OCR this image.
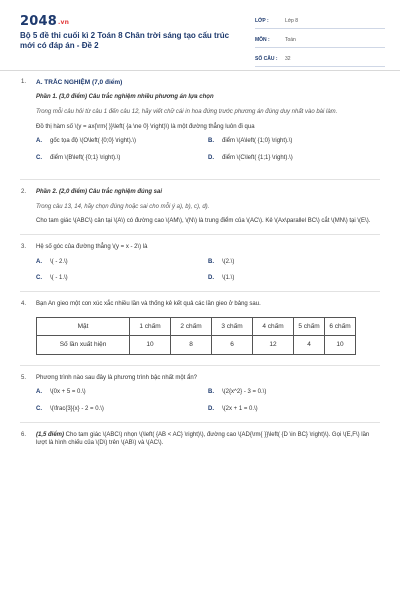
2048.vn
Bộ 5 đề thi cuối kì 2 Toán 8 Chân trời sáng tạo cấu trúc mới có đáp án - Đề 2
LỚP :	Lớp 8
MÔN :	Toán
SỐ CÂU :	32
1. A. TRẮC NGHIỆM (7,0 điểm)
Phần 1. (3,0 điểm) Câu trắc nghiệm nhiều phương án lựa chọn
Trong mỗi câu hỏi từ câu 1 đến câu 12, hãy viết chữ cái in hoa đứng trước phương án đúng duy nhất vào bài làm.
Đồ thị hàm số \(y = ax{\rm{ }}\left( {a \ne 0} \right)\) là một đường thẳng luôn đi qua
A. gốc tọa độ \(O\left( {0;0} \right).\)	B. điểm \(A\left( {1;0} \right).\)
C. điểm \(B\left( {0;1} \right).\)	D. điểm \(C\left( {1;1} \right).\)
2. Phần 2. (2,0 điểm) Câu trắc nghiệm đúng sai
Trong câu 13, 14, hãy chọn đúng hoặc sai cho mỗi ý a), b), c), d).
Cho tam giác \(ABC\) cân tại \(A\) có đường cao \(AM\), \(N\) là trung điểm của \(AC\). Kẻ \(Ax\parallel BC\) cắt \(MN\) tại \(E\).
3. Hệ số góc của đường thẳng \(y = x - 2\) là
A. \( - 2.\)	B. \(2.\)
C. \( - 1.\)	D. \(1.\)
4. Bạn An gieo một con xúc xắc nhiều lần và thống kê kết quả các lần gieo ở bảng sau.
Mặt	1 chấm	2 chấm	3 chấm	4 chấm	5 chấm	6 chấm
Số lần xuất hiện	10	8	6	12	4	10
5. Phương trình nào sau đây là phương trình bậc nhất một ẩn?
A. \(0x + 5 = 0.\)	B. \(2{x^2} - 3 = 0.\)
C. \(\frac{3}{x} - 2 = 0.\)	D. \(2x + 1 = 0.\)
6. (1,5 điểm) Cho tam giác \(ABC\) nhọn \(\left( {AB < AC} \right)\), đường cao \(AD{\rm{ }}\left( {D \in BC} \right)\). Gọi \(E,F\) lần lượt là hình chiếu của \(D\) trên \(AB\) và \(AC\).
